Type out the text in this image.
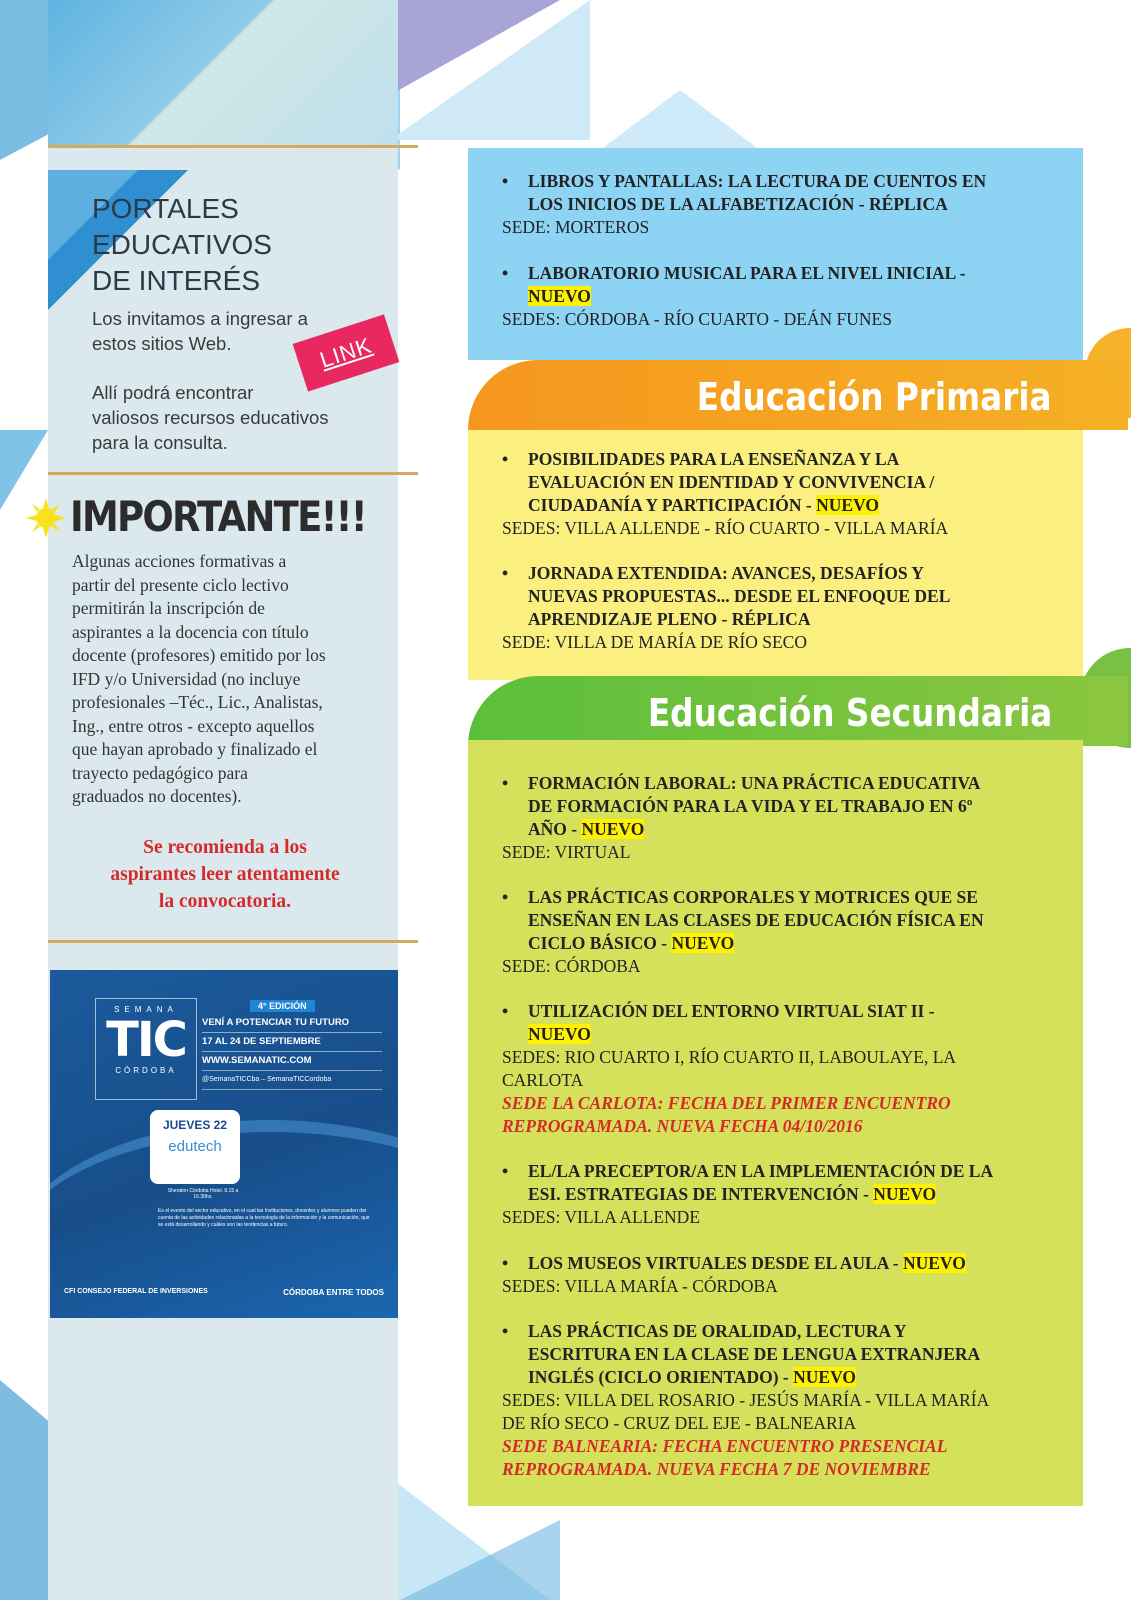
PORTALES
EDUCATIVOS
DE INTERÉS
Los invitamos a ingresar a
estos sitios Web.
Allí podrá encontrar
valiosos recursos educativos
para la consulta.
LINK
IMPORTANTE!!!
Algunas acciones formativas a
partir del presente ciclo lectivo
permitirán la inscripción de
aspirantes a la docencia con título
docente (profesores) emitido por los
IFD y/o Universidad (no incluye
profesionales –Téc., Lic., Analistas,
Ing., entre otros - excepto aquellos
que hayan aprobado y finalizado el
trayecto pedagógico para
graduados no docentes).
Se recomienda a los
aspirantes leer atentamente
la convocatoria.
SEMANA
TIC
CÓRDOBA
4° EDICIÓN
VENÍ A POTENCIAR TU FUTURO
17 AL 24 DE SEPTIEMBRE
WWW.SEMANATIC.COM
@SemanaTICCba – SemanaTICCordoba
JUEVES 22
edutech
Sheraton Córdoba Hotel. 8.15 a 16.30hs.
Es el evento del sector educativo, en el cual las Instituciones, docentes y alumnos pueden dar cuenta de las actividades relacionadas a la tecnología de la información y la comunicación, que se está desarrollando y cuáles son las tendencias a futuro.
CFI CONSEJO FEDERAL DE INVERSIONES	CÓRDOBA ENTRE TODOS
• LIBROS Y PANTALLAS: LA LECTURA DE CUENTOS EN
LOS INICIOS DE LA ALFABETIZACIÓN - RÉPLICA
SEDE: MORTEROS
• LABORATORIO MUSICAL PARA EL NIVEL INICIAL -
NUEVO
SEDES: CÓRDOBA - RÍO CUARTO - DEÁN FUNES
Educación Primaria
• POSIBILIDADES PARA LA ENSEÑANZA Y LA
EVALUACIÓN EN IDENTIDAD Y CONVIVENCIA /
CIUDADANÍA Y PARTICIPACIÓN - NUEVO
SEDES: VILLA ALLENDE - RÍO CUARTO - VILLA MARÍA
• JORNADA EXTENDIDA: AVANCES, DESAFÍOS Y
NUEVAS PROPUESTAS... DESDE EL ENFOQUE DEL
APRENDIZAJE PLENO - RÉPLICA
SEDE: VILLA DE MARÍA DE RÍO SECO
Educación Secundaria
• FORMACIÓN LABORAL: UNA PRÁCTICA EDUCATIVA
DE FORMACIÓN PARA LA VIDA Y EL TRABAJO EN 6º
AÑO - NUEVO
SEDE: VIRTUAL
• LAS PRÁCTICAS CORPORALES Y MOTRICES QUE SE
ENSEÑAN EN LAS CLASES DE EDUCACIÓN FÍSICA EN
CICLO BÁSICO - NUEVO
SEDE: CÓRDOBA
• UTILIZACIÓN DEL ENTORNO VIRTUAL SIAT II -
NUEVO
SEDES: RIO CUARTO I, RÍO CUARTO II, LABOULAYE, LA
CARLOTA
SEDE LA CARLOTA: FECHA DEL PRIMER ENCUENTRO
REPROGRAMADA. NUEVA FECHA 04/10/2016
• EL/LA PRECEPTOR/A EN LA IMPLEMENTACIÓN DE LA
ESI. ESTRATEGIAS DE INTERVENCIÓN - NUEVO
SEDES: VILLA ALLENDE
• LOS MUSEOS VIRTUALES DESDE EL AULA - NUEVO
SEDES: VILLA MARÍA - CÓRDOBA
• LAS PRÁCTICAS DE ORALIDAD, LECTURA Y
ESCRITURA EN LA CLASE DE LENGUA EXTRANJERA
INGLÉS (CICLO ORIENTADO) - NUEVO
SEDES: VILLA DEL ROSARIO - JESÚS MARÍA - VILLA MARÍA
DE RÍO SECO - CRUZ DEL EJE - BALNEARIA
SEDE BALNEARIA: FECHA ENCUENTRO PRESENCIAL
REPROGRAMADA. NUEVA FECHA 7 DE NOVIEMBRE
